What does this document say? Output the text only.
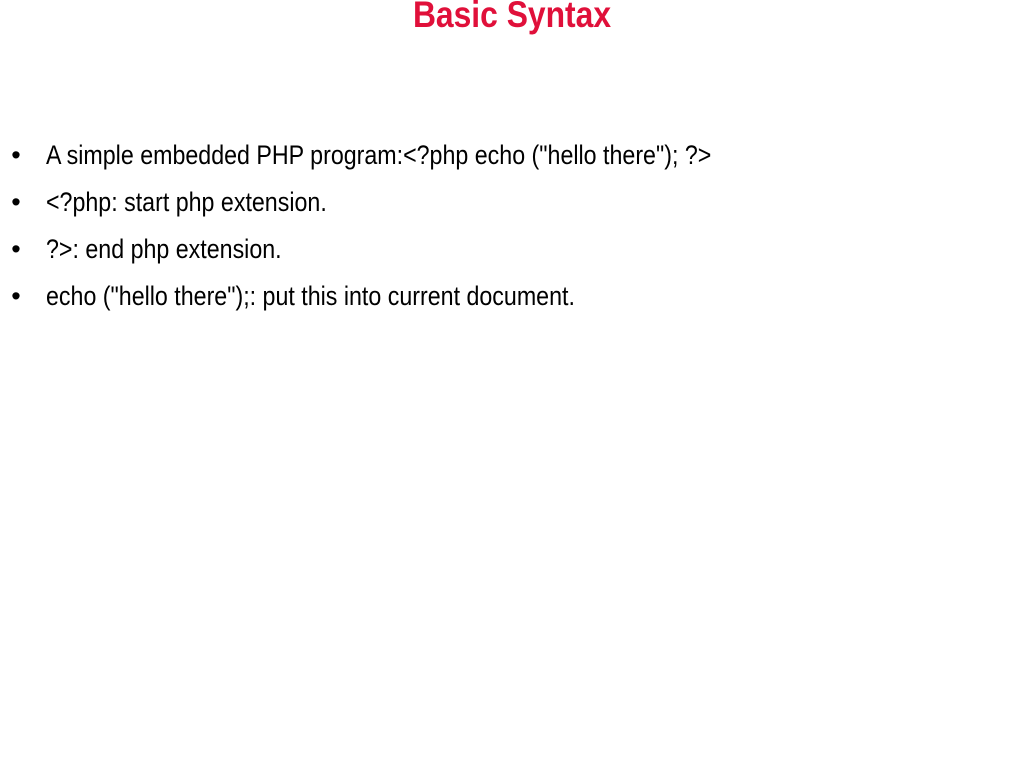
Basic Syntax
• A simple embedded PHP program:<?php echo ("hello there"); ?>
• <?php: start php extension.
• ?>: end php extension.
• echo ("hello there");: put this into current document.
